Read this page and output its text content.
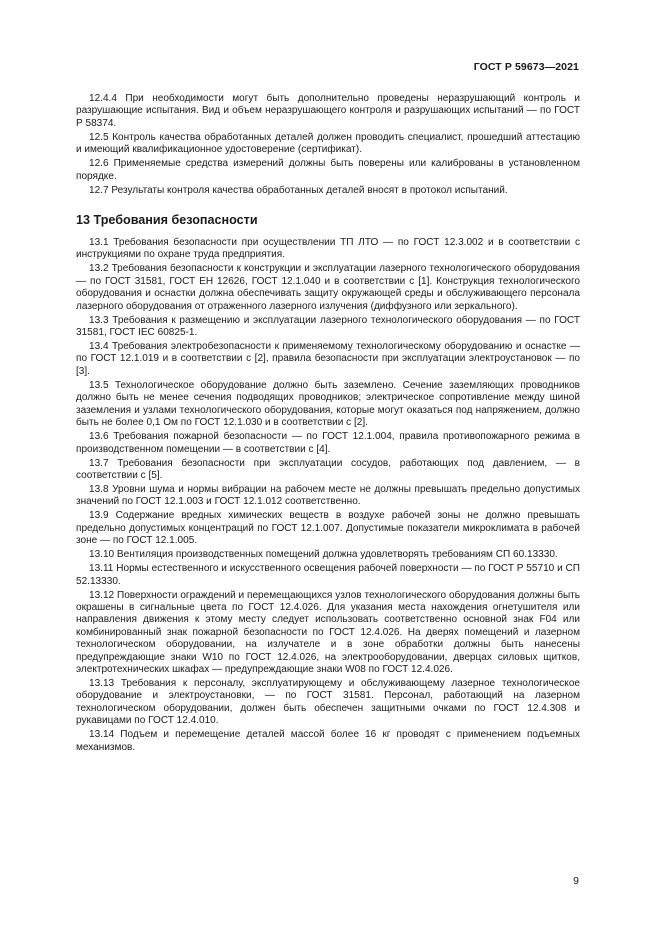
ГОСТ Р 59673—2021

12.4.4 При необходимости могут быть дополнительно проведены неразрушающий контроль и разрушающие испытания. Вид и объем неразрушающего контроля и разрушающих испытаний — по ГОСТ Р 58374.

12.5 Контроль качества обработанных деталей должен проводить специалист, прошедший аттестацию и имеющий квалификационное удостоверение (сертификат).

12.6 Применяемые средства измерений должны быть поверены или калиброваны в установленном порядке.

12.7 Результаты контроля качества обработанных деталей вносят в протокол испытаний.

13 Требования безопасности

13.1 Требования безопасности при осуществлении ТП ЛТО — по ГОСТ 12.3.002 и в соответствии с инструкциями по охране труда предприятия.

13.2 Требования безопасности к конструкции и эксплуатации лазерного технологического оборудования — по ГОСТ 31581, ГОСТ ЕН 12626, ГОСТ 12.1.040 и в соответствии с [1]. Конструкция технологического оборудования и оснастки должна обеспечивать защиту окружающей среды и обслуживающего персонала лазерного оборудования от отраженного лазерного излучения (диффузного или зеркального).

13.3 Требования к размещению и эксплуатации лазерного технологического оборудования — по ГОСТ 31581, ГОСТ IEC 60825-1.

13.4 Требования электробезопасности к применяемому технологическому оборудованию и оснастке — по ГОСТ 12.1.019 и в соответствии с [2], правила безопасности при эксплуатации электроустановок — по [3].

13.5 Технологическое оборудование должно быть заземлено. Сечение заземляющих проводников должно быть не менее сечения подводящих проводников; электрическое сопротивление между шиной заземления и узлами технологического оборудования, которые могут оказаться под напряжением, должно быть не более 0,1 Ом по ГОСТ 12.1.030 и в соответствии с [2].

13.6 Требования пожарной безопасности — по ГОСТ 12.1.004, правила противопожарного режима в производственном помещении — в соответствии с [4].

13.7 Требования безопасности при эксплуатации сосудов, работающих под давлением, — в соответствии с [5].

13.8 Уровни шума и нормы вибрации на рабочем месте не должны превышать предельно допустимых значений по ГОСТ 12.1.003 и ГОСТ 12.1.012 соответственно.

13.9 Содержание вредных химических веществ в воздухе рабочей зоны не должно превышать предельно допустимых концентраций по ГОСТ 12.1.007. Допустимые показатели микроклимата в рабочей зоне — по ГОСТ 12.1.005.

13.10 Вентиляция производственных помещений должна удовлетворять требованиям СП 60.13330.

13.11 Нормы естественного и искусственного освещения рабочей поверхности — по ГОСТ Р 55710 и СП 52.13330.

13.12 Поверхности ограждений и перемещающихся узлов технологического оборудования должны быть окрашены в сигнальные цвета по ГОСТ 12.4.026. Для указания места нахождения огнетушителя или направления движения к этому месту следует использовать соответственно основной знак F04 или комбинированный знак пожарной безопасности по ГОСТ 12.4.026. На дверях помещений и лазерном технологическом оборудовании, на излучателе и в зоне обработки должны быть нанесены предупреждающие знаки W10 по ГОСТ 12.4.026, на электрооборудовании, дверцах силовых щитков, электротехнических шкафах — предупреждающие знаки W08 по ГОСТ 12.4.026.

13.13 Требования к персоналу, эксплуатирующему и обслуживающему лазерное технологическое оборудование и электроустановки, — по ГОСТ 31581. Персонал, работающий на лазерном технологическом оборудовании, должен быть обеспечен защитными очками по ГОСТ 12.4.308 и рукавицами по ГОСТ 12.4.010.

13.14 Подъем и перемещение деталей массой более 16 кг проводят с применением подъемных механизмов.

9
